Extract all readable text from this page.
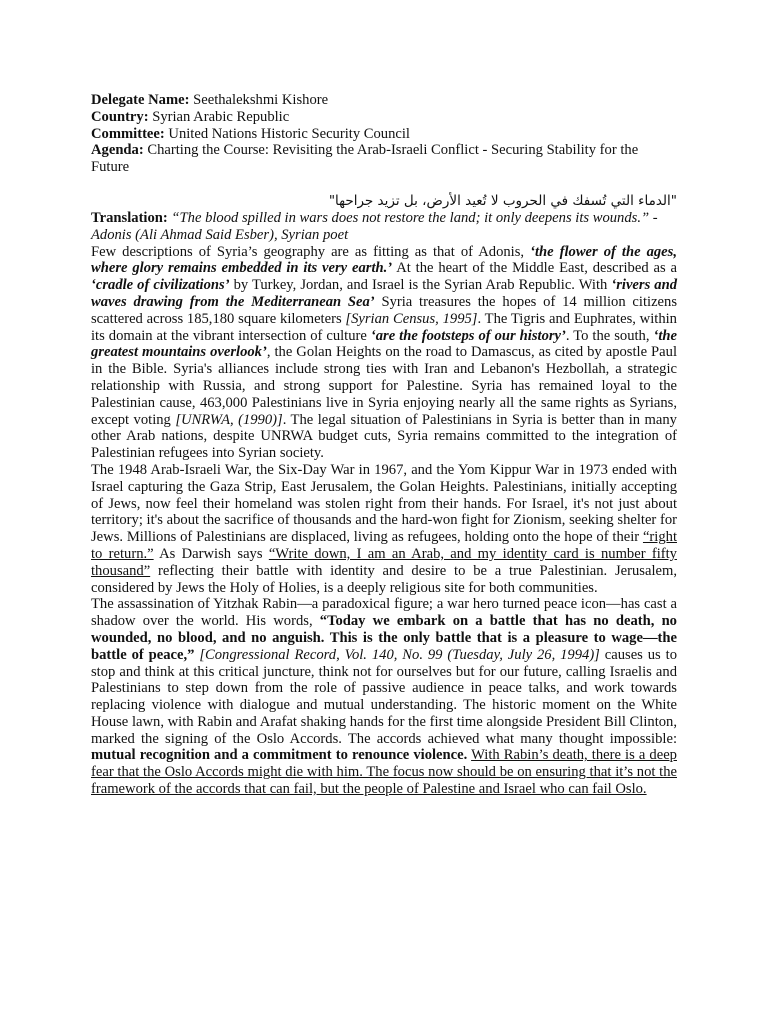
Delegate Name: Seethalekshmi Kishore
Country: Syrian Arabic Republic
Committee: United Nations Historic Security Council
Agenda: Charting the Course: Revisiting the Arab-Israeli Conflict - Securing Stability for the Future
"الدماء التي تُسفك في الحروب لا تُعيد الأرض، بل تزيد جراحها"
Translation: “The blood spilled in wars does not restore the land; it only deepens its wounds.” - Adonis (Ali Ahmad Said Esber), Syrian poet

Few descriptions of Syria’s geography are as fitting as that of Adonis, ‘the flower of the ages, where glory remains embedded in its very earth.’ At the heart of the Middle East, described as a ‘cradle of civilizations’ by Turkey, Jordan, and Israel is the Syrian Arab Republic. With ‘rivers and waves drawing from the Mediterranean Sea’ Syria treasures the hopes of 14 million citizens scattered across 185,180 square kilometers [Syrian Census, 1995]. The Tigris and Euphrates, within its domain at the vibrant intersection of culture ‘are the footsteps of our history’. To the south, ‘the greatest mountains overlook’, the Golan Heights on the road to Damascus, as cited by apostle Paul in the Bible. Syria's alliances include strong ties with Iran and Lebanon's Hezbollah, a strategic relationship with Russia, and strong support for Palestine. Syria has remained loyal to the Palestinian cause, 463,000 Palestinians live in Syria enjoying nearly all the same rights as Syrians, except voting [UNRWA, (1990)]. The legal situation of Palestinians in Syria is better than in many other Arab nations, despite UNRWA budget cuts, Syria remains committed to the integration of Palestinian refugees into Syrian society.

The 1948 Arab-Israeli War, the Six-Day War in 1967, and the Yom Kippur War in 1973 ended with Israel capturing the Gaza Strip, East Jerusalem, the Golan Heights. Palestinians, initially accepting of Jews, now feel their homeland was stolen right from their hands. For Israel, it's not just about territory; it's about the sacrifice of thousands and the hard-won fight for Zionism, seeking shelter for Jews. Millions of Palestinians are displaced, living as refugees, holding onto the hope of their “right to return.” As Darwish says “Write down, I am an Arab, and my identity card is number fifty thousand” reflecting their battle with identity and desire to be a true Palestinian. Jerusalem, considered by Jews the Holy of Holies, is a deeply religious site for both communities.

The assassination of Yitzhak Rabin—a paradoxical figure; a war hero turned peace icon—has cast a shadow over the world. His words, “Today we embark on a battle that has no death, no wounded, no blood, and no anguish. This is the only battle that is a pleasure to wage—the battle of peace,” [Congressional Record, Vol. 140, No. 99 (Tuesday, July 26, 1994)] causes us to stop and think at this critical juncture, think not for ourselves but for our future, calling Israelis and Palestinians to step down from the role of passive audience in peace talks, and work towards replacing violence with dialogue and mutual understanding. The historic moment on the White House lawn, with Rabin and Arafat shaking hands for the first time alongside President Bill Clinton, marked the signing of the Oslo Accords. The accords achieved what many thought impossible: mutual recognition and a commitment to renounce violence. With Rabin’s death, there is a deep fear that the Oslo Accords might die with him. The focus now should be on ensuring that it’s not the framework of the accords that can fail, but the people of Palestine and Israel who can fail Oslo.
